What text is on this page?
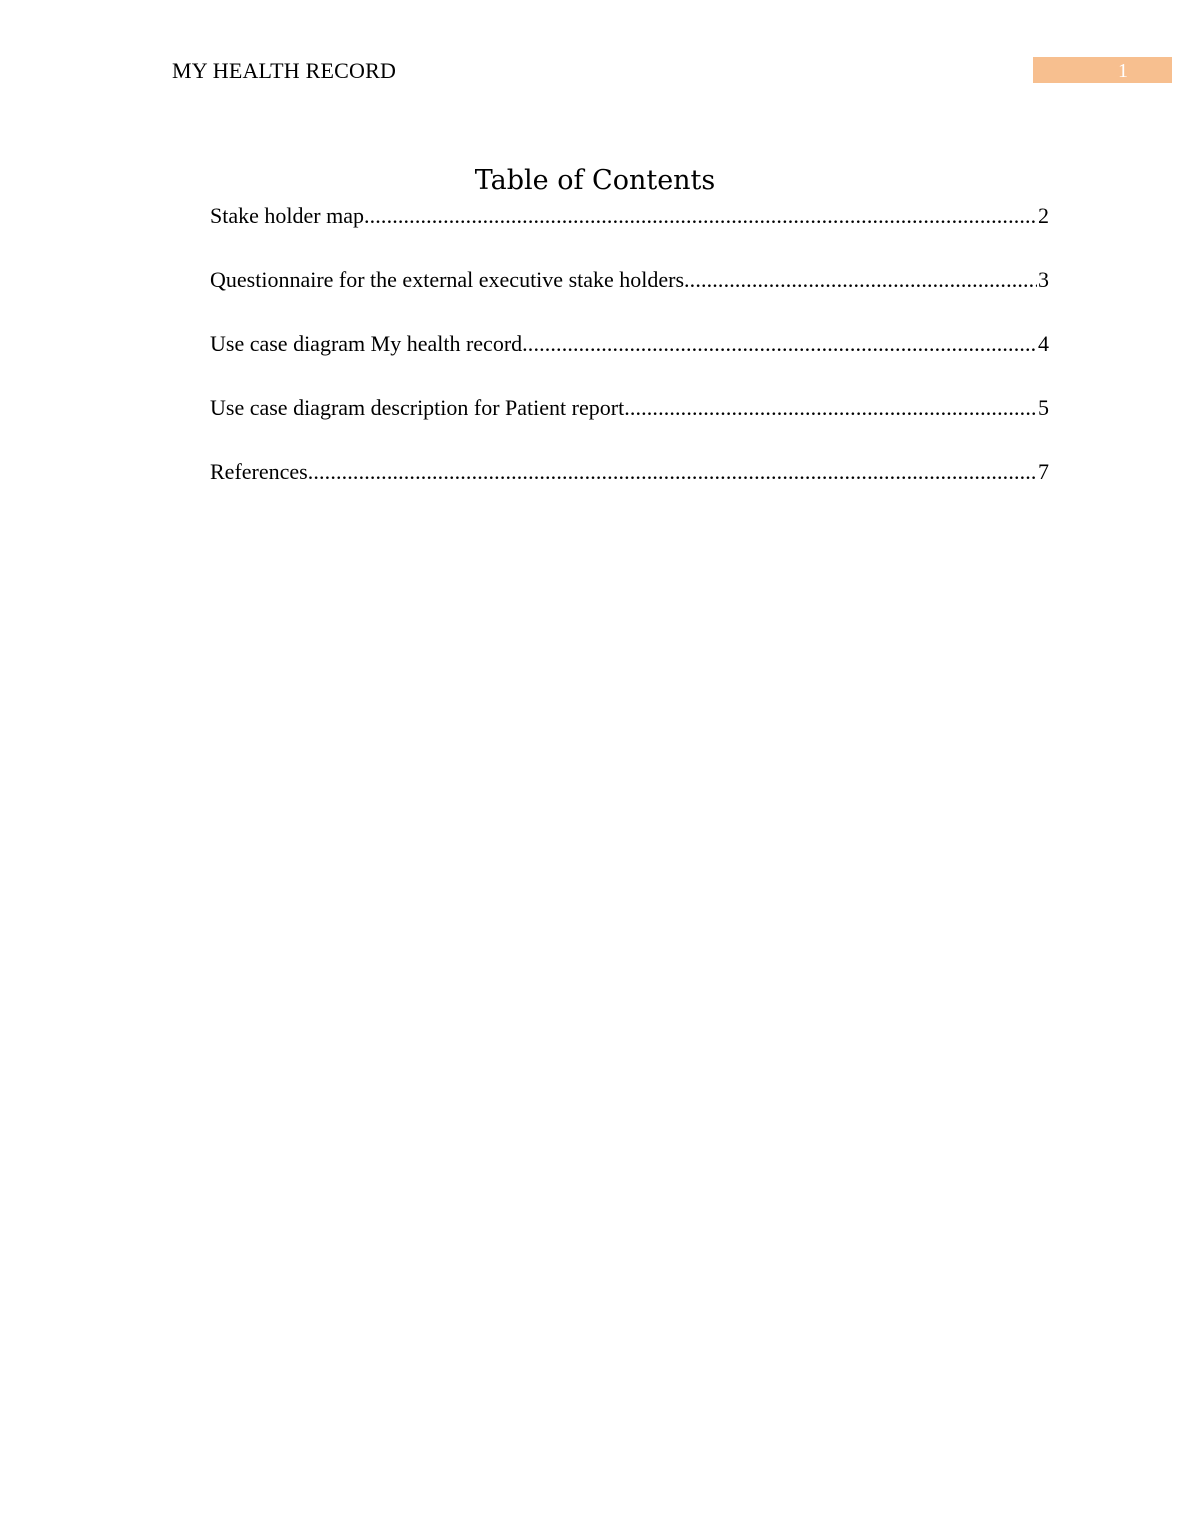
MY HEALTH RECORD	1
Table of Contents
Stake holder map .....	2
Questionnaire for the external executive stake holders .....	3
Use case diagram My health record .....	4
Use case diagram description for Patient report .....	5
References .....	7
